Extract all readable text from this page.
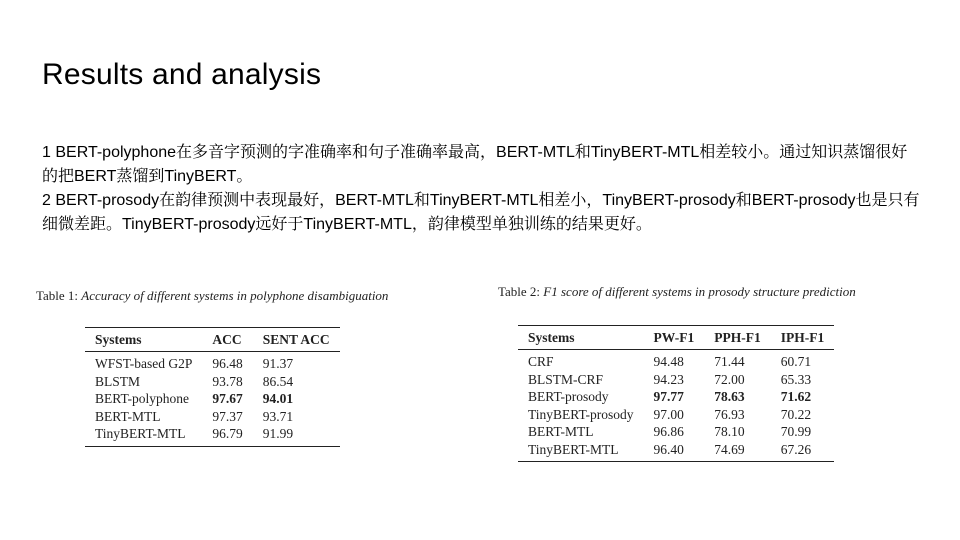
Results and analysis

1 BERT-polyphone在多音字预测的字准确率和句子准确率最高，BERT-MTL和TinyBERT-MTL相差较小。通过知识蒸馏很好的把BERT蒸馏到TinyBERT。

2 BERT-prosody在韵律预测中表现最好，BERT-MTL和TinyBERT-MTL相差小，TinyBERT-prosody和BERT-prosody也是只有细微差距。TinyBERT-prosody远好于TinyBERT-MTL，韵律模型单独训练的结果更好。

Table 1: Accuracy of different systems in polyphone disambiguation
Systems	ACC	SENT ACC
WFST-based G2P	96.48	91.37
BLSTM	93.78	86.54
BERT-polyphone	97.67	94.01
BERT-MTL	97.37	93.71
TinyBERT-MTL	96.79	91.99
Table 2: F1 score of different systems in prosody structure prediction
Systems	PW-F1	PPH-F1	IPH-F1
CRF	94.48	71.44	60.71
BLSTM-CRF	94.23	72.00	65.33
BERT-prosody	97.77	78.63	71.62
TinyBERT-prosody	97.00	76.93	70.22
BERT-MTL	96.86	78.10	70.99
TinyBERT-MTL	96.40	74.69	67.26
